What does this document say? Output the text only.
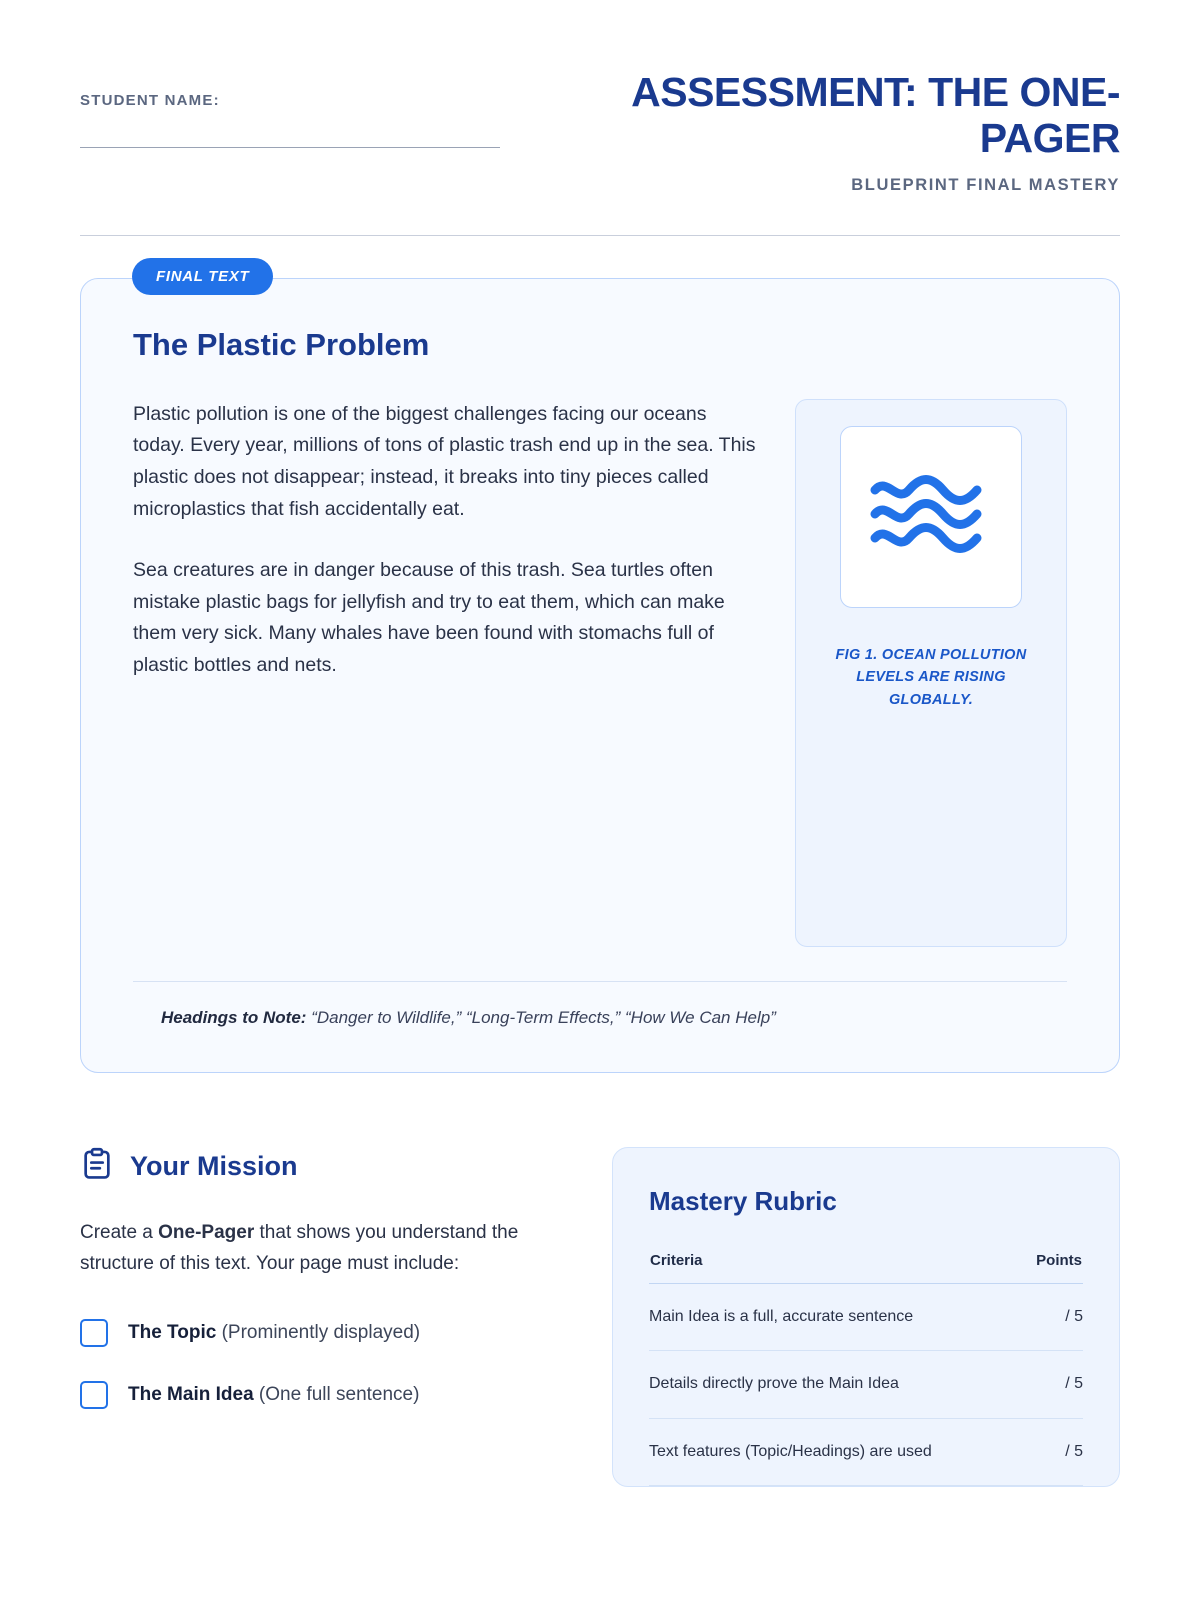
STUDENT NAME:	ASSESSMENT: THE ONE-PAGER
BLUEPRINT FINAL MASTERY
FINAL TEXT
The Plastic Problem

Plastic pollution is one of the biggest challenges facing our oceans today. Every year, millions of tons of plastic trash end up in the sea. This plastic does not disappear; instead, it breaks into tiny pieces called microplastics that fish accidentally eat.

Sea creatures are in danger because of this trash. Sea turtles often mistake plastic bags for jellyfish and try to eat them, which can make them very sick. Many whales have been found with stomachs full of plastic bottles and nets.	FIG 1. OCEAN POLLUTION LEVELS ARE RISING GLOBALLY.
Headings to Note: “Danger to Wildlife,” “Long-Term Effects,” “How We Can Help”
Your Mission
Create a One-Pager that shows you understand the structure of this text. Your page must include:
The Topic (Prominently displayed)
The Main Idea (One full sentence)
Mastery Rubric
Criteria	Points
Main Idea is a full, accurate sentence	/ 5
Details directly prove the Main Idea	/ 5
Text features (Topic/Headings) are used	/ 5
